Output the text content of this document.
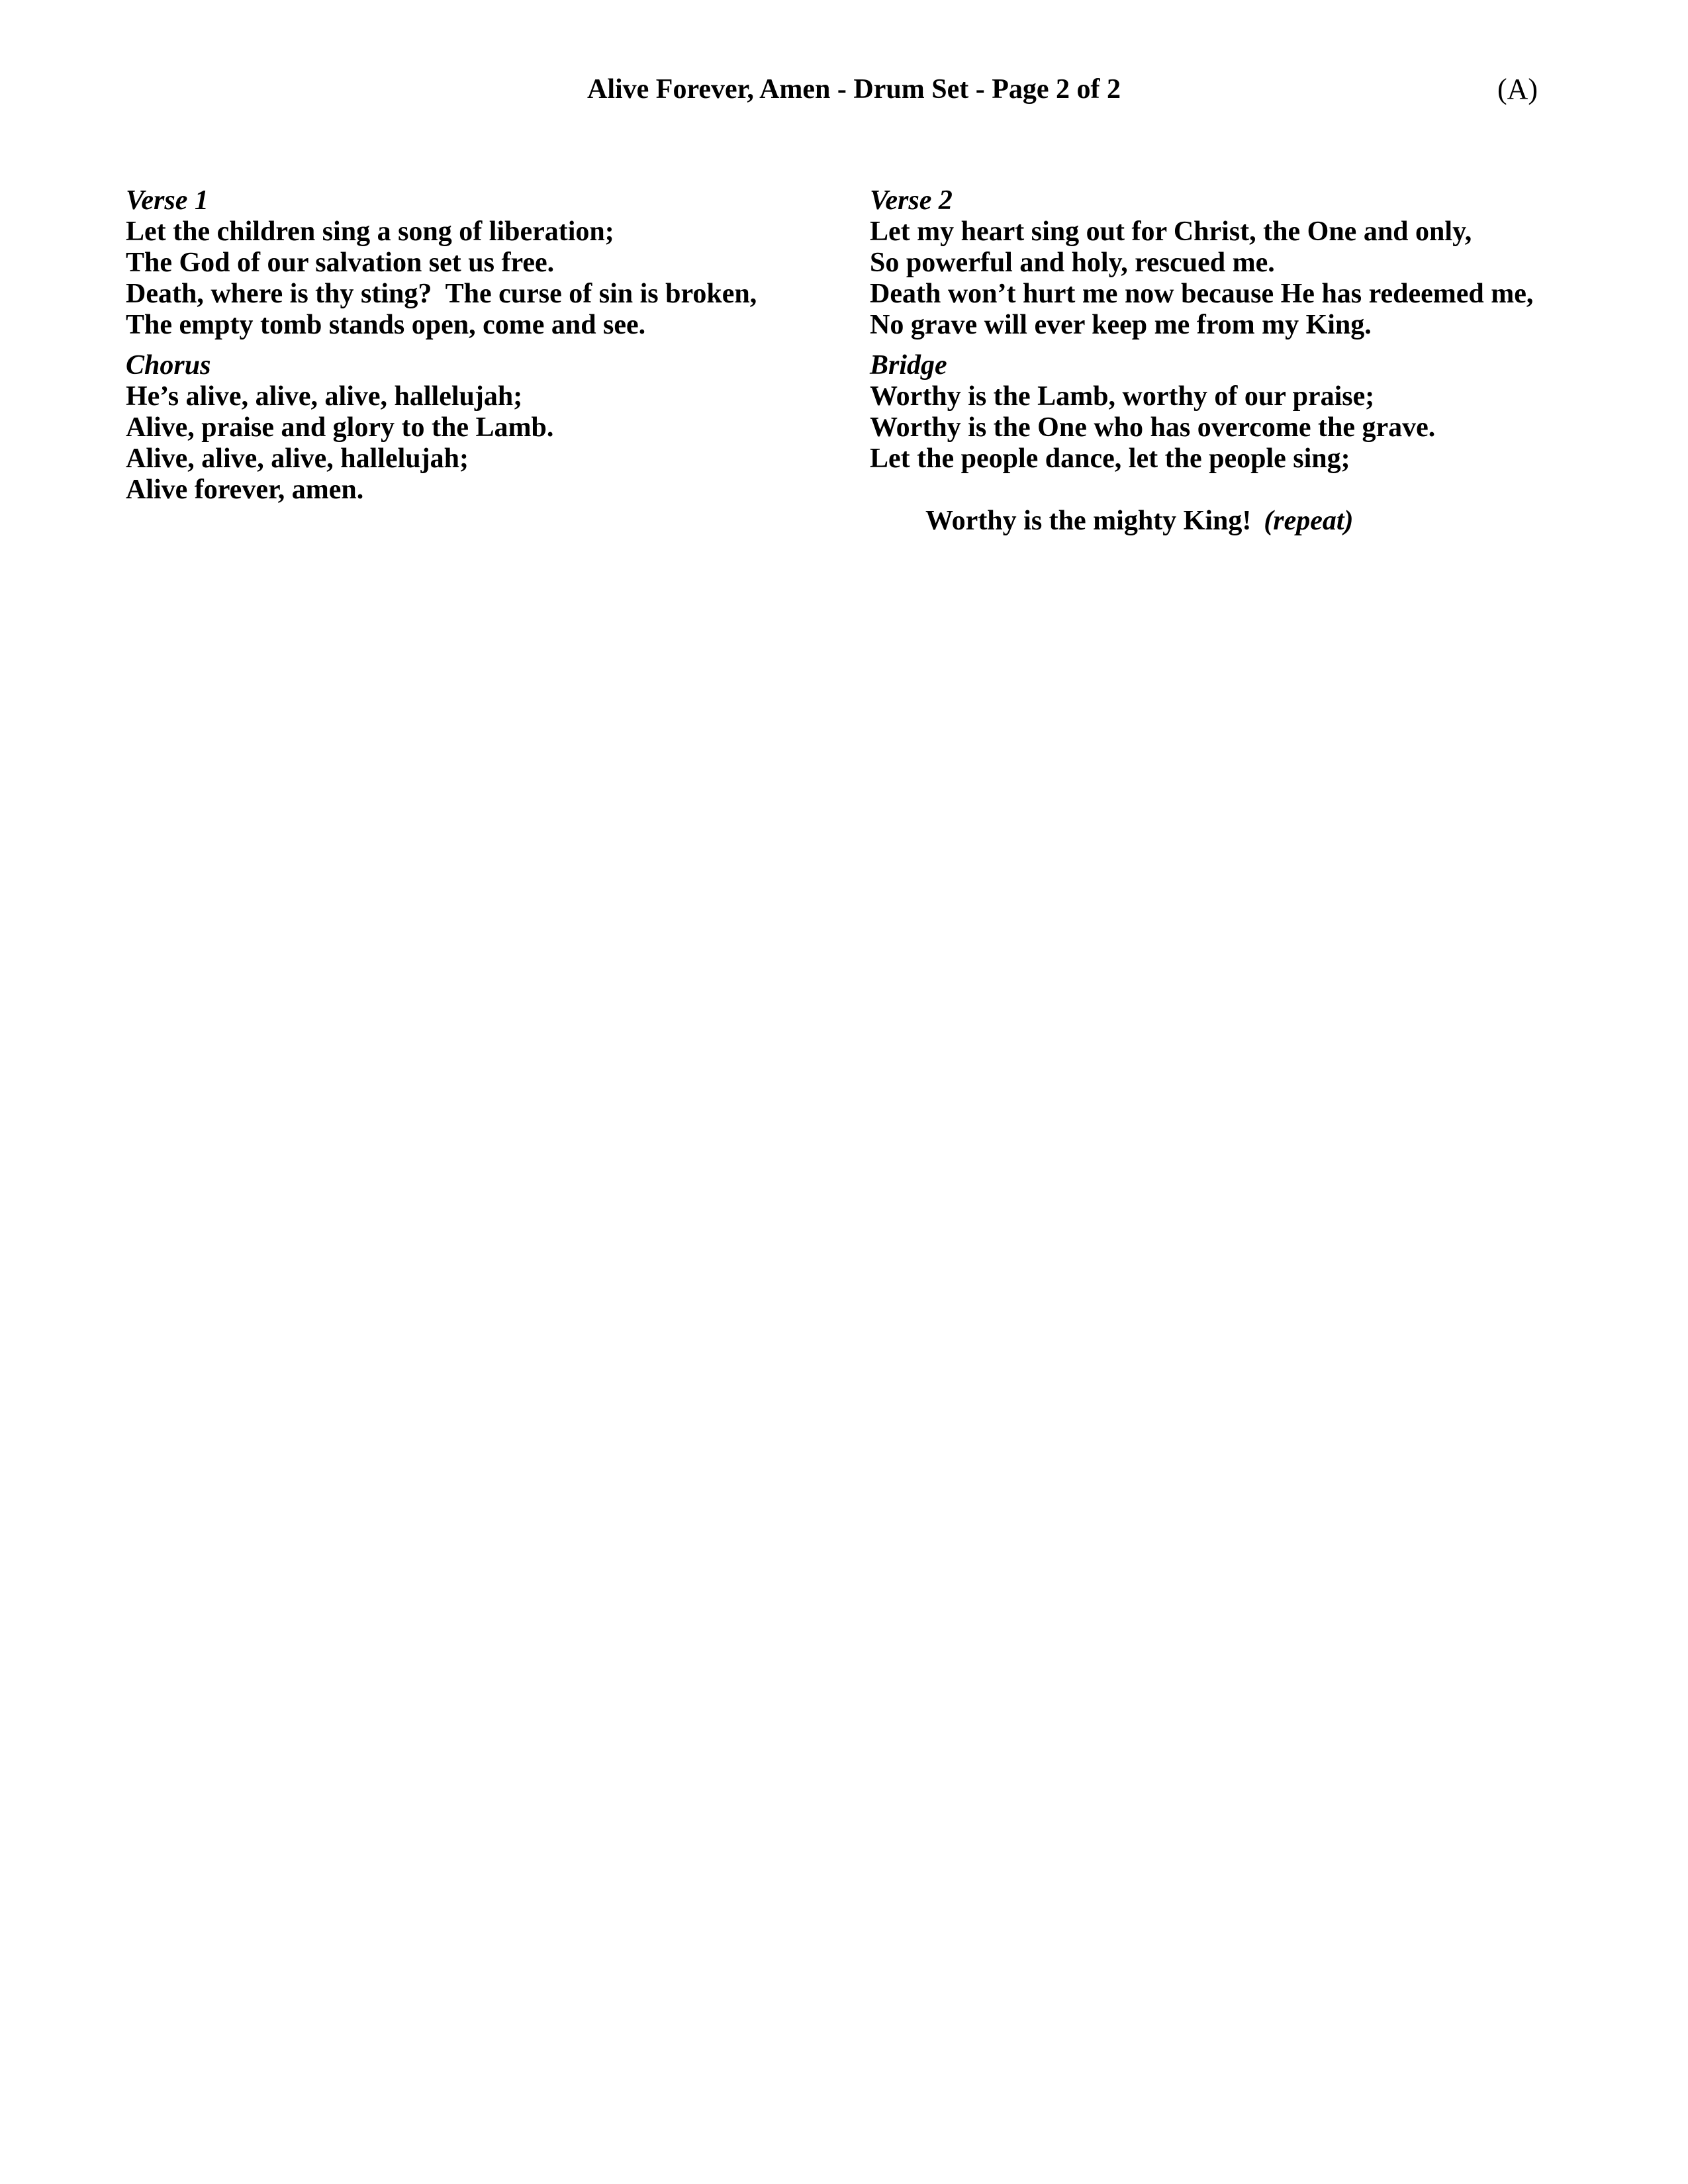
Alive Forever, Amen - Drum Set - Page 2 of 2	(A)
Verse 1
Let the children sing a song of liberation;
The God of our salvation set us free.
Death, where is thy sting?  The curse of sin is broken,
The empty tomb stands open, come and see.
Chorus
He’s alive, alive, alive, hallelujah;
Alive, praise and glory to the Lamb.
Alive, alive, alive, hallelujah;
Alive forever, amen.
Verse 2
Let my heart sing out for Christ, the One and only,
So powerful and holy, rescued me.
Death won’t hurt me now because He has redeemed me,
No grave will ever keep me from my King.
Bridge
Worthy is the Lamb, worthy of our praise;
Worthy is the One who has overcome the grave.
Let the people dance, let the people sing;

Worthy is the mighty King! (repeat)
